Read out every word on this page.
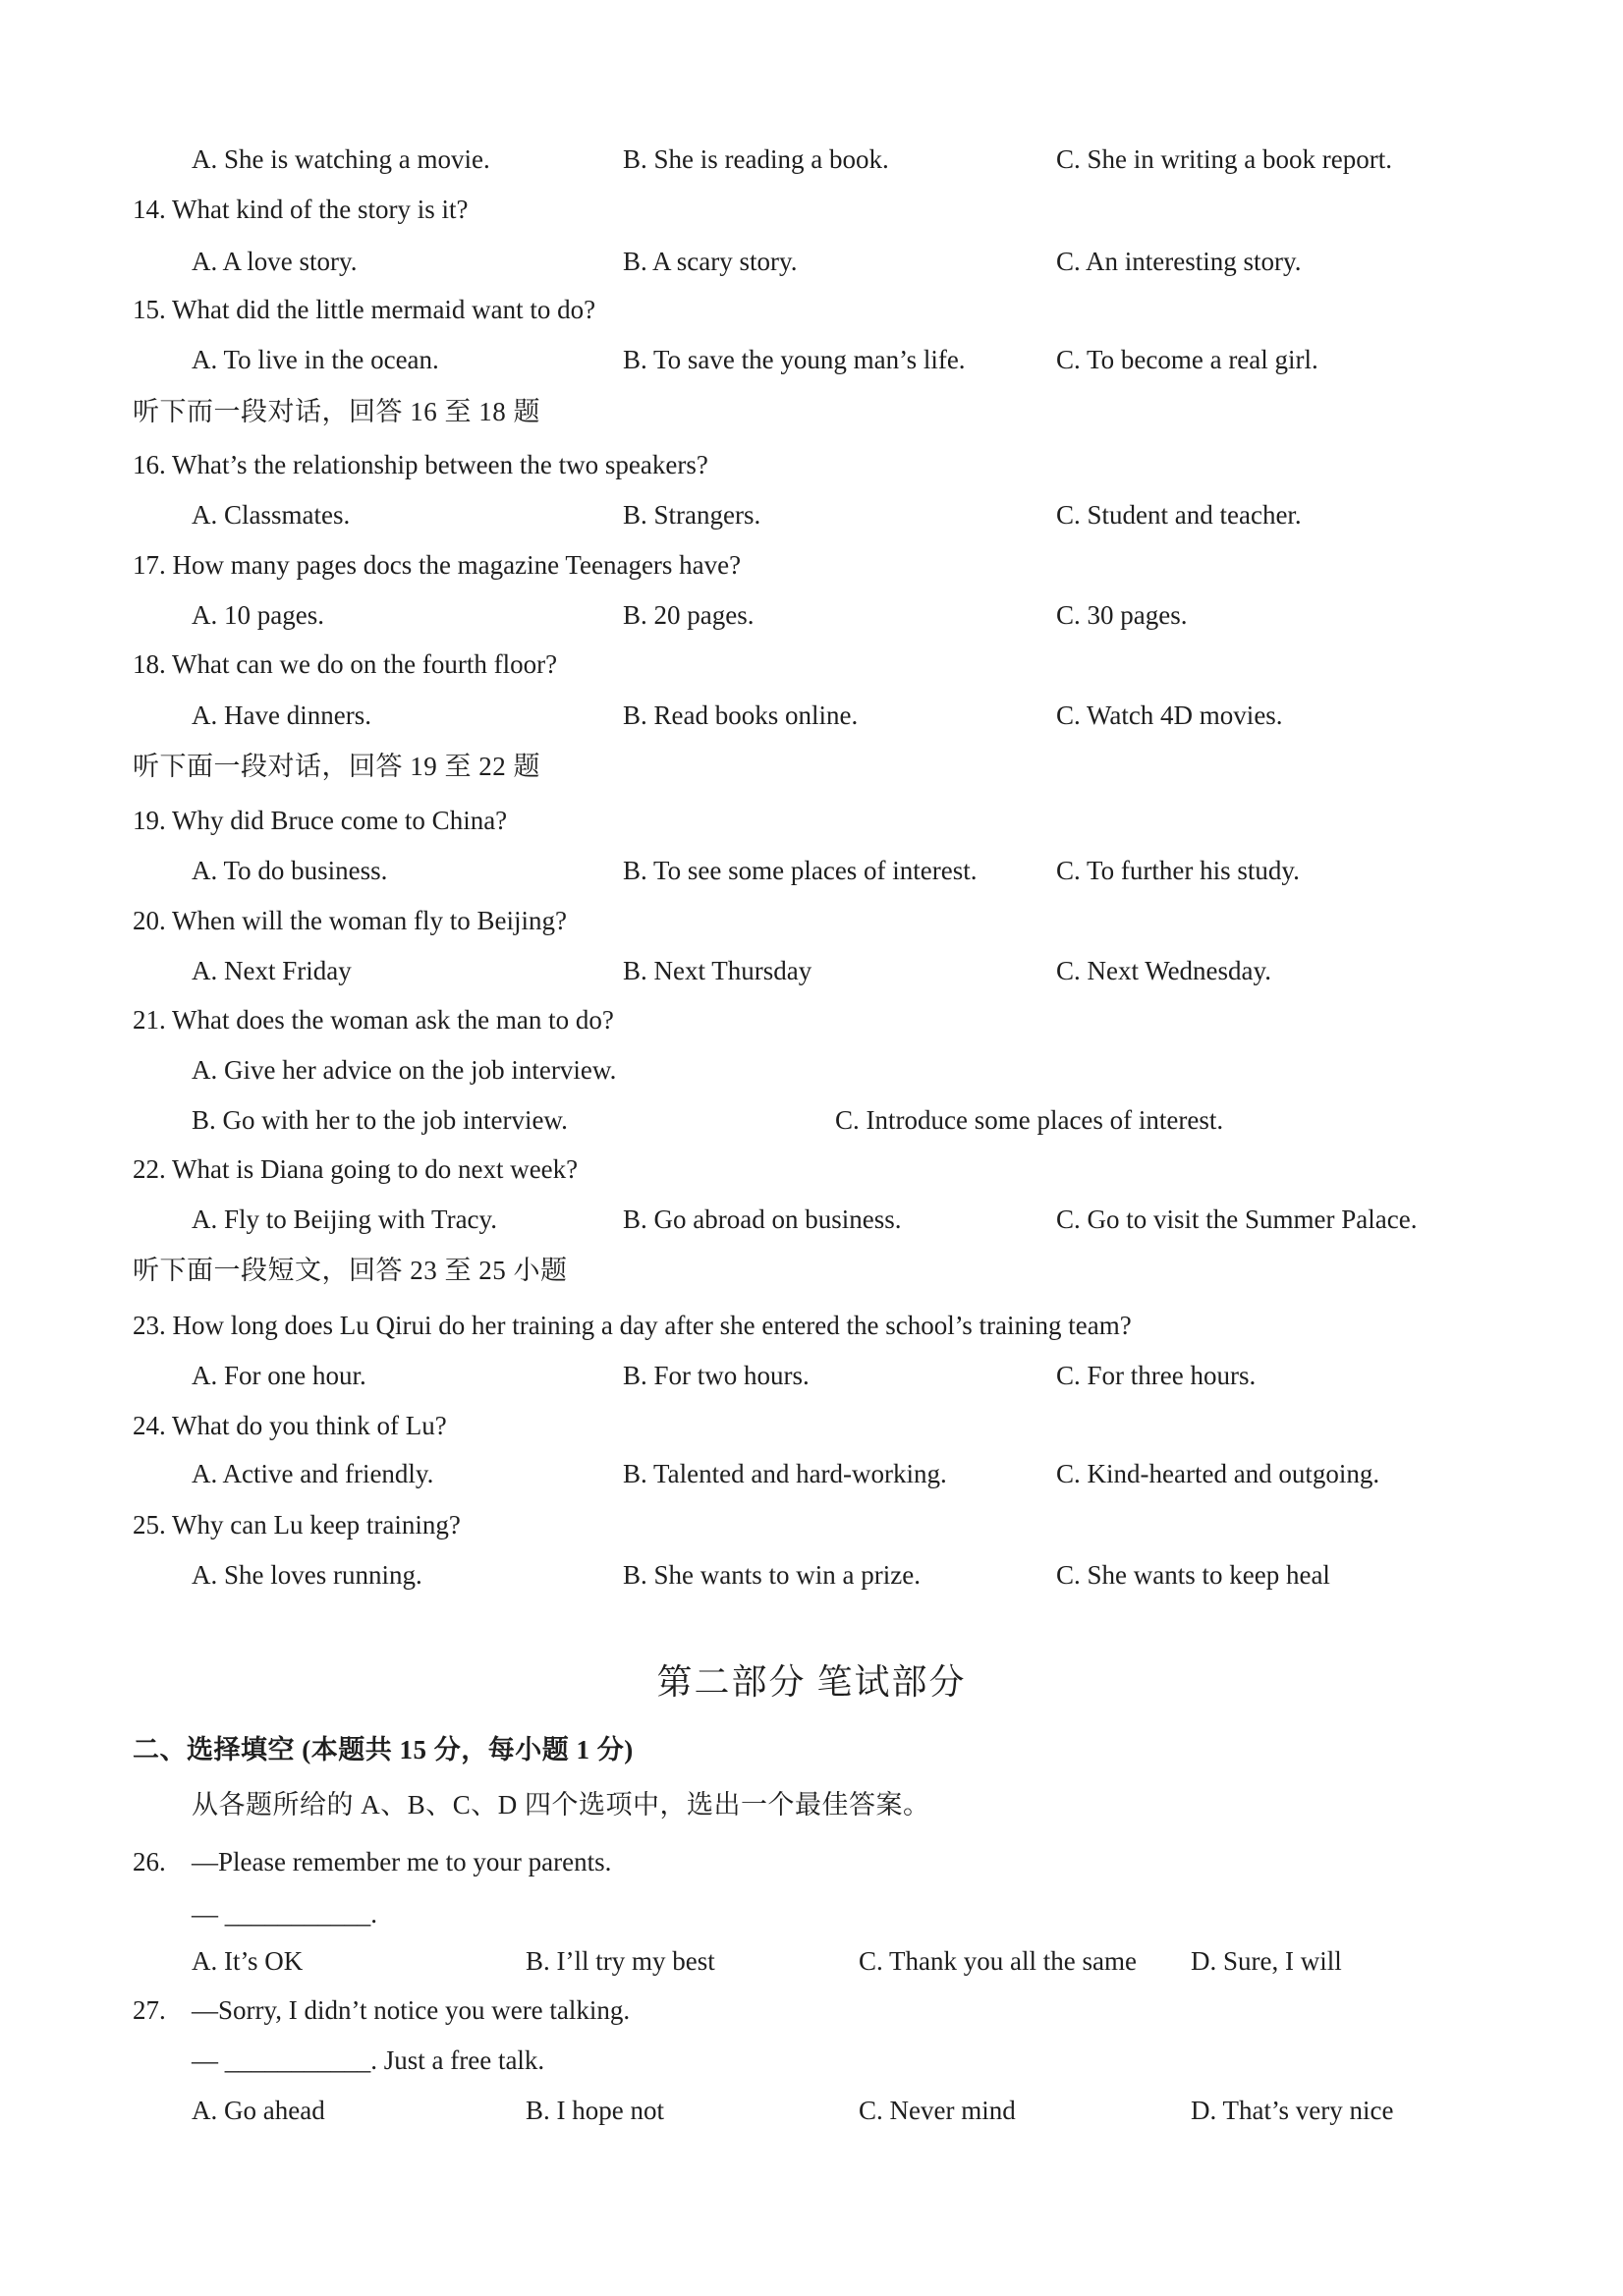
A. She is watching a movie.	B. She is reading a book.	C. She in writing a book report.
14. What kind of the story is it?
A. A love story.	B. A scary story.	C. An interesting story.
15. What did the little mermaid want to do?
A. To live in the ocean.	B. To save the young man’s life.	C. To become a real girl.
听下而一段对话，回答 16 至 18 题
16. What’s the relationship between the two speakers?
A. Classmates.	B. Strangers.	C. Student and teacher.
17. How many pages docs the magazine Teenagers have?
A. 10 pages.	B. 20 pages.	C. 30 pages.
18. What can we do on the fourth floor?
A. Have dinners.	B. Read books online.	C. Watch 4D movies.
听下面一段对话，回答 19 至 22 题
19. Why did Bruce come to China?
A. To do business.	B. To see some places of interest.	C. To further his study.
20. When will the woman fly to Beijing?
A. Next Friday	B. Next Thursday	C. Next Wednesday.
21. What does the woman ask the man to do?
A. Give her advice on the job interview.
B. Go with her to the job interview.	C. Introduce some places of interest.
22. What is Diana going to do next week?
A. Fly to Beijing with Tracy.	B. Go abroad on business.	C. Go to visit the Summer Palace.
听下面一段短文，回答 23 至 25 小题
23. How long does Lu Qirui do her training a day after she entered the school’s training team?
A. For one hour.	B. For two hours.	C. For three hours.
24. What do you think of Lu?
A. Active and friendly.	B. Talented and hard-working.	C. Kind-hearted and outgoing.
25. Why can Lu keep training?
A. She loves running.	B. She wants to win a prize.	C. She wants to keep heal
第二部分 笔试部分
二、选择填空 (本题共 15 分，每小题 1 分)
从各题所给的 A、B、C、D 四个选项中，选出一个最佳答案。
26. —Please remember me to your parents.
— ___________.
A. It’s OK	B. I’ll try my best	C. Thank you all the same D. Sure, I will
27. —Sorry, I didn’t notice you were talking.
— ___________. Just a free talk.
A. Go ahead	B. I hope not	C. Never mind	D. That’s very nice
